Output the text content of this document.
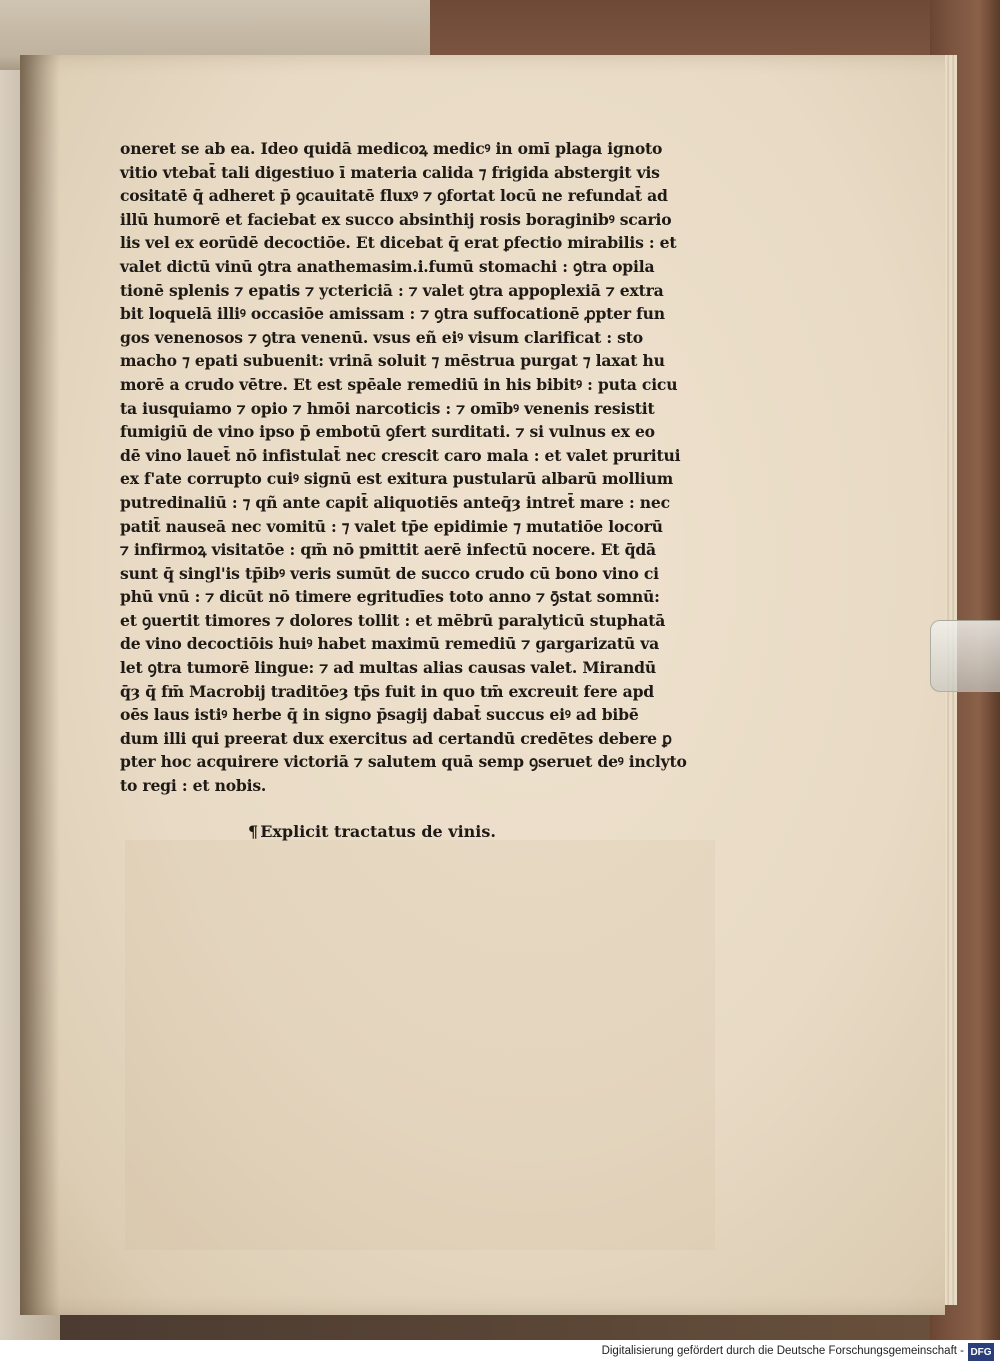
oneret se ab ea. Ideo quidā medicoꝝ medicꝰ in omī plaga ignoto
vitio vtebat̄ tali digestiuo ī materia calida ⁊ frigida abstergit vis
cositatē q̄ adheret p̄ ꝯcauitatē fluxꝰ ⁊ ꝯfortat locū ne refundat̄ ad
illū humorē et faciebat ex succo absinthij rosis boraginibꝰ scario
lis vel ex eorūdē decoctiōe. Et dicebat q̄ erat ꝑfectio mirabilis : et
valet dictū vinū ꝯtra anathemasim.i.fumū stomachi : ꝯtra opila
tionē splenis ⁊ epatis ⁊ yctericiā : ⁊ valet ꝯtra appoplexiā ⁊ extra
bit loquelā illiꝰ occasiōe amissam : ⁊ ꝯtra suffocationē ꝓpter fun
gos venenosos ⁊ ꝯtra venenū. vsus eñ eiꝰ visum clarificat : sto
macho ⁊ epati subuenit: vrinā soluit ⁊ mēstrua purgat ⁊ laxat hu
morē a crudo vētre. Et est spēale remediū in his bibitꝰ : puta cicu
ta iusquiamo ⁊ opio ⁊ hmōi narcoticis : ⁊ omībꝰ venenis resistit
fumigiū de vino ipso p̄ embotū ꝯfert surditati. ⁊ si vulnus ex eo
dē vino lauet̄ nō infistulat̄ nec crescit caro mala : et valet pruritui
ex f'ate corrupto cuiꝰ signū est exitura pustularū albarū mollium
putredinaliū : ⁊ qñ ante capit̄ aliquotiēs anteq̄ȝ intret̄ mare : nec
patit̄ nauseā nec vomitū : ⁊ valet tp̄e epidimie ⁊ mutatiōe locorū
⁊ infirmoꝝ visitatōe : qm̄ nō pmittit aerē infectū nocere. Et q̄dā
sunt q̄ singl'is tp̄ibꝰ veris sumūt de succo crudo cū bono vino ci
phū vnū : ⁊ dicūt nō timere egritudīes toto anno ⁊ ꝯ̄stat somnū:
et ꝯuertit timores ⁊ dolores tollit : et mēbrū paralyticū stuphatā
de vino decoctiōis huiꝰ habet maximū remediū ⁊ gargarizatū va
let ꝯtra tumorē lingue: ⁊ ad multas alias causas valet. Mirandū
q̄ȝ q̄ fm̄ Macrobij traditōeȝ tp̄s fuit in quo tm̄ excreuit fere apd
oēs laus istiꝰ herbe q̄ in signo p̄sagij dabat̄ succus eiꝰ ad bibē
dum illi qui preerat dux exercitus ad certandū credētes debere ꝑ
pter hoc acquirere victoriā ⁊ salutem quā semp ꝯseruet deꝰ inclyto
to regi : et nobis.
¶ Explicit tractatus de vinis.
Digitalisierung gefördert durch die Deutsche Forschungsgemeinschaft - DFG
